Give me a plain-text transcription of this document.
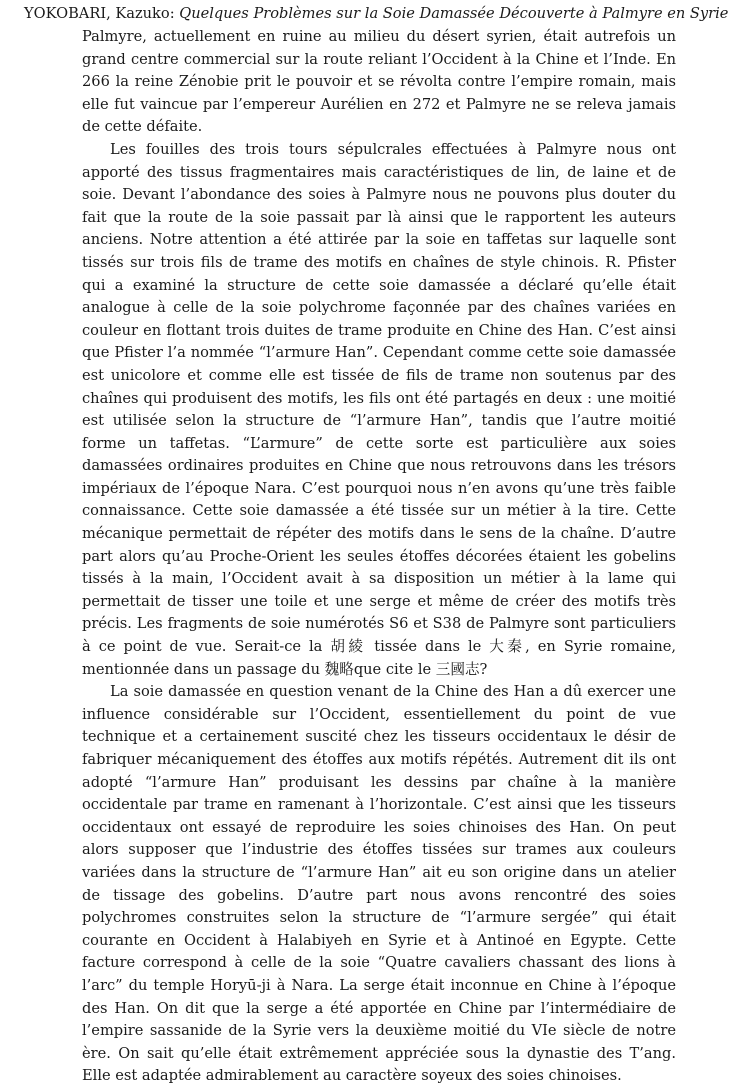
YOKOBARI, Kazuko: Quelques Problèmes sur la Soie Damassée Découverte à Palmyre en Syrie

Palmyre, actuellement en ruine au milieu du désert syrien, était autrefois un grand centre commercial sur la route reliant l’Occident à la Chine et l’Inde. En 266 la reine Zénobie prit le pouvoir et se révolta contre l’empire romain, mais elle fut vaincue par l’empereur Aurélien en 272 et Palmyre ne se releva jamais de cette défaite.

Les fouilles des trois tours sépulcrales effectuées à Palmyre nous ont apporté des tissus fragmentaires mais caractéristiques de lin, de laine et de soie. Devant l’abondance des soies à Palmyre nous ne pouvons plus douter du fait que la route de la soie passait par là ainsi que le rapportent les auteurs anciens. Notre attention a été attirée par la soie en taffetas sur laquelle sont tissés sur trois fils de trame des motifs en chaînes de style chinois. R. Pfister qui a examiné la structure de cette soie damassée a déclaré qu’elle était analogue à celle de la soie polychrome façonnée par des chaînes variées en couleur en flottant trois duites de trame produite en Chine des Han. C’est ainsi que Pfister l’a nommée “l’armure Han”. Cependant comme cette soie damassée est unicolore et comme elle est tissée de fils de trame non soutenus par des chaînes qui produisent des motifs, les fils ont été partagés en deux : une moitié est utilisée selon la structure de “l’armure Han”, tandis que l’autre moitié forme un taffetas. “L’armure” de cette sorte est particulière aux soies damassées ordinaires produites en Chine que nous retrouvons dans les trésors impériaux de l’époque Nara. C’est pourquoi nous n’en avons qu’une très faible connaissance. Cette soie damassée a été tissée sur un métier à la tire. Cette mécanique permettait de répéter des motifs dans le sens de la chaîne. D’autre part alors qu’au Proche-Orient les seules étoffes décorées étaient les gobelins tissés à la main, l’Occident avait à sa disposition un métier à la lame qui permettait de tisser une toile et une serge et même de créer des motifs très précis. Les fragments de soie numérotés S6 et S38 de Palmyre sont particuliers à ce point de vue. Serait-ce la 胡綾 tissée dans le 大秦, en Syrie romaine, mentionnée dans un passage du 魏略que cite le 三國志?

La soie damassée en question venant de la Chine des Han a dû exercer une influence considérable sur l’Occident, essentiellement du point de vue technique et a certainement suscité chez les tisseurs occidentaux le désir de fabriquer mécaniquement des étoffes aux motifs répétés. Autrement dit ils ont adopté “l’armure Han” produisant les dessins par chaîne à la manière occidentale par trame en ramenant à l’horizontale. C’est ainsi que les tisseurs occidentaux ont essayé de reproduire les soies chinoises des Han. On peut alors supposer que l’industrie des étoffes tissées sur trames aux couleurs variées dans la structure de “l’armure Han” ait eu son origine dans un atelier de tissage des gobelins. D’autre part nous avons rencontré des soies polychromes construites selon la structure de “l’armure sergée” qui était courante en Occident à Halabiyeh en Syrie et à Antinoé en Egypte. Cette facture correspond à celle de la soie “Quatre cavaliers chassant des lions à l’arc” du temple Horyū-ji à Nara. La serge était inconnue en Chine à l’époque des Han. On dit que la serge a été apportée en Chine par l’intermédiaire de l’empire sassanide de la Syrie vers la deuxième moitié du VIe siècle de notre ère. On sait qu’elle était extrêmement appréciée sous la dynastie des T’ang. Elle est adaptée admirablement au caractère soyeux des soies chinoises.
